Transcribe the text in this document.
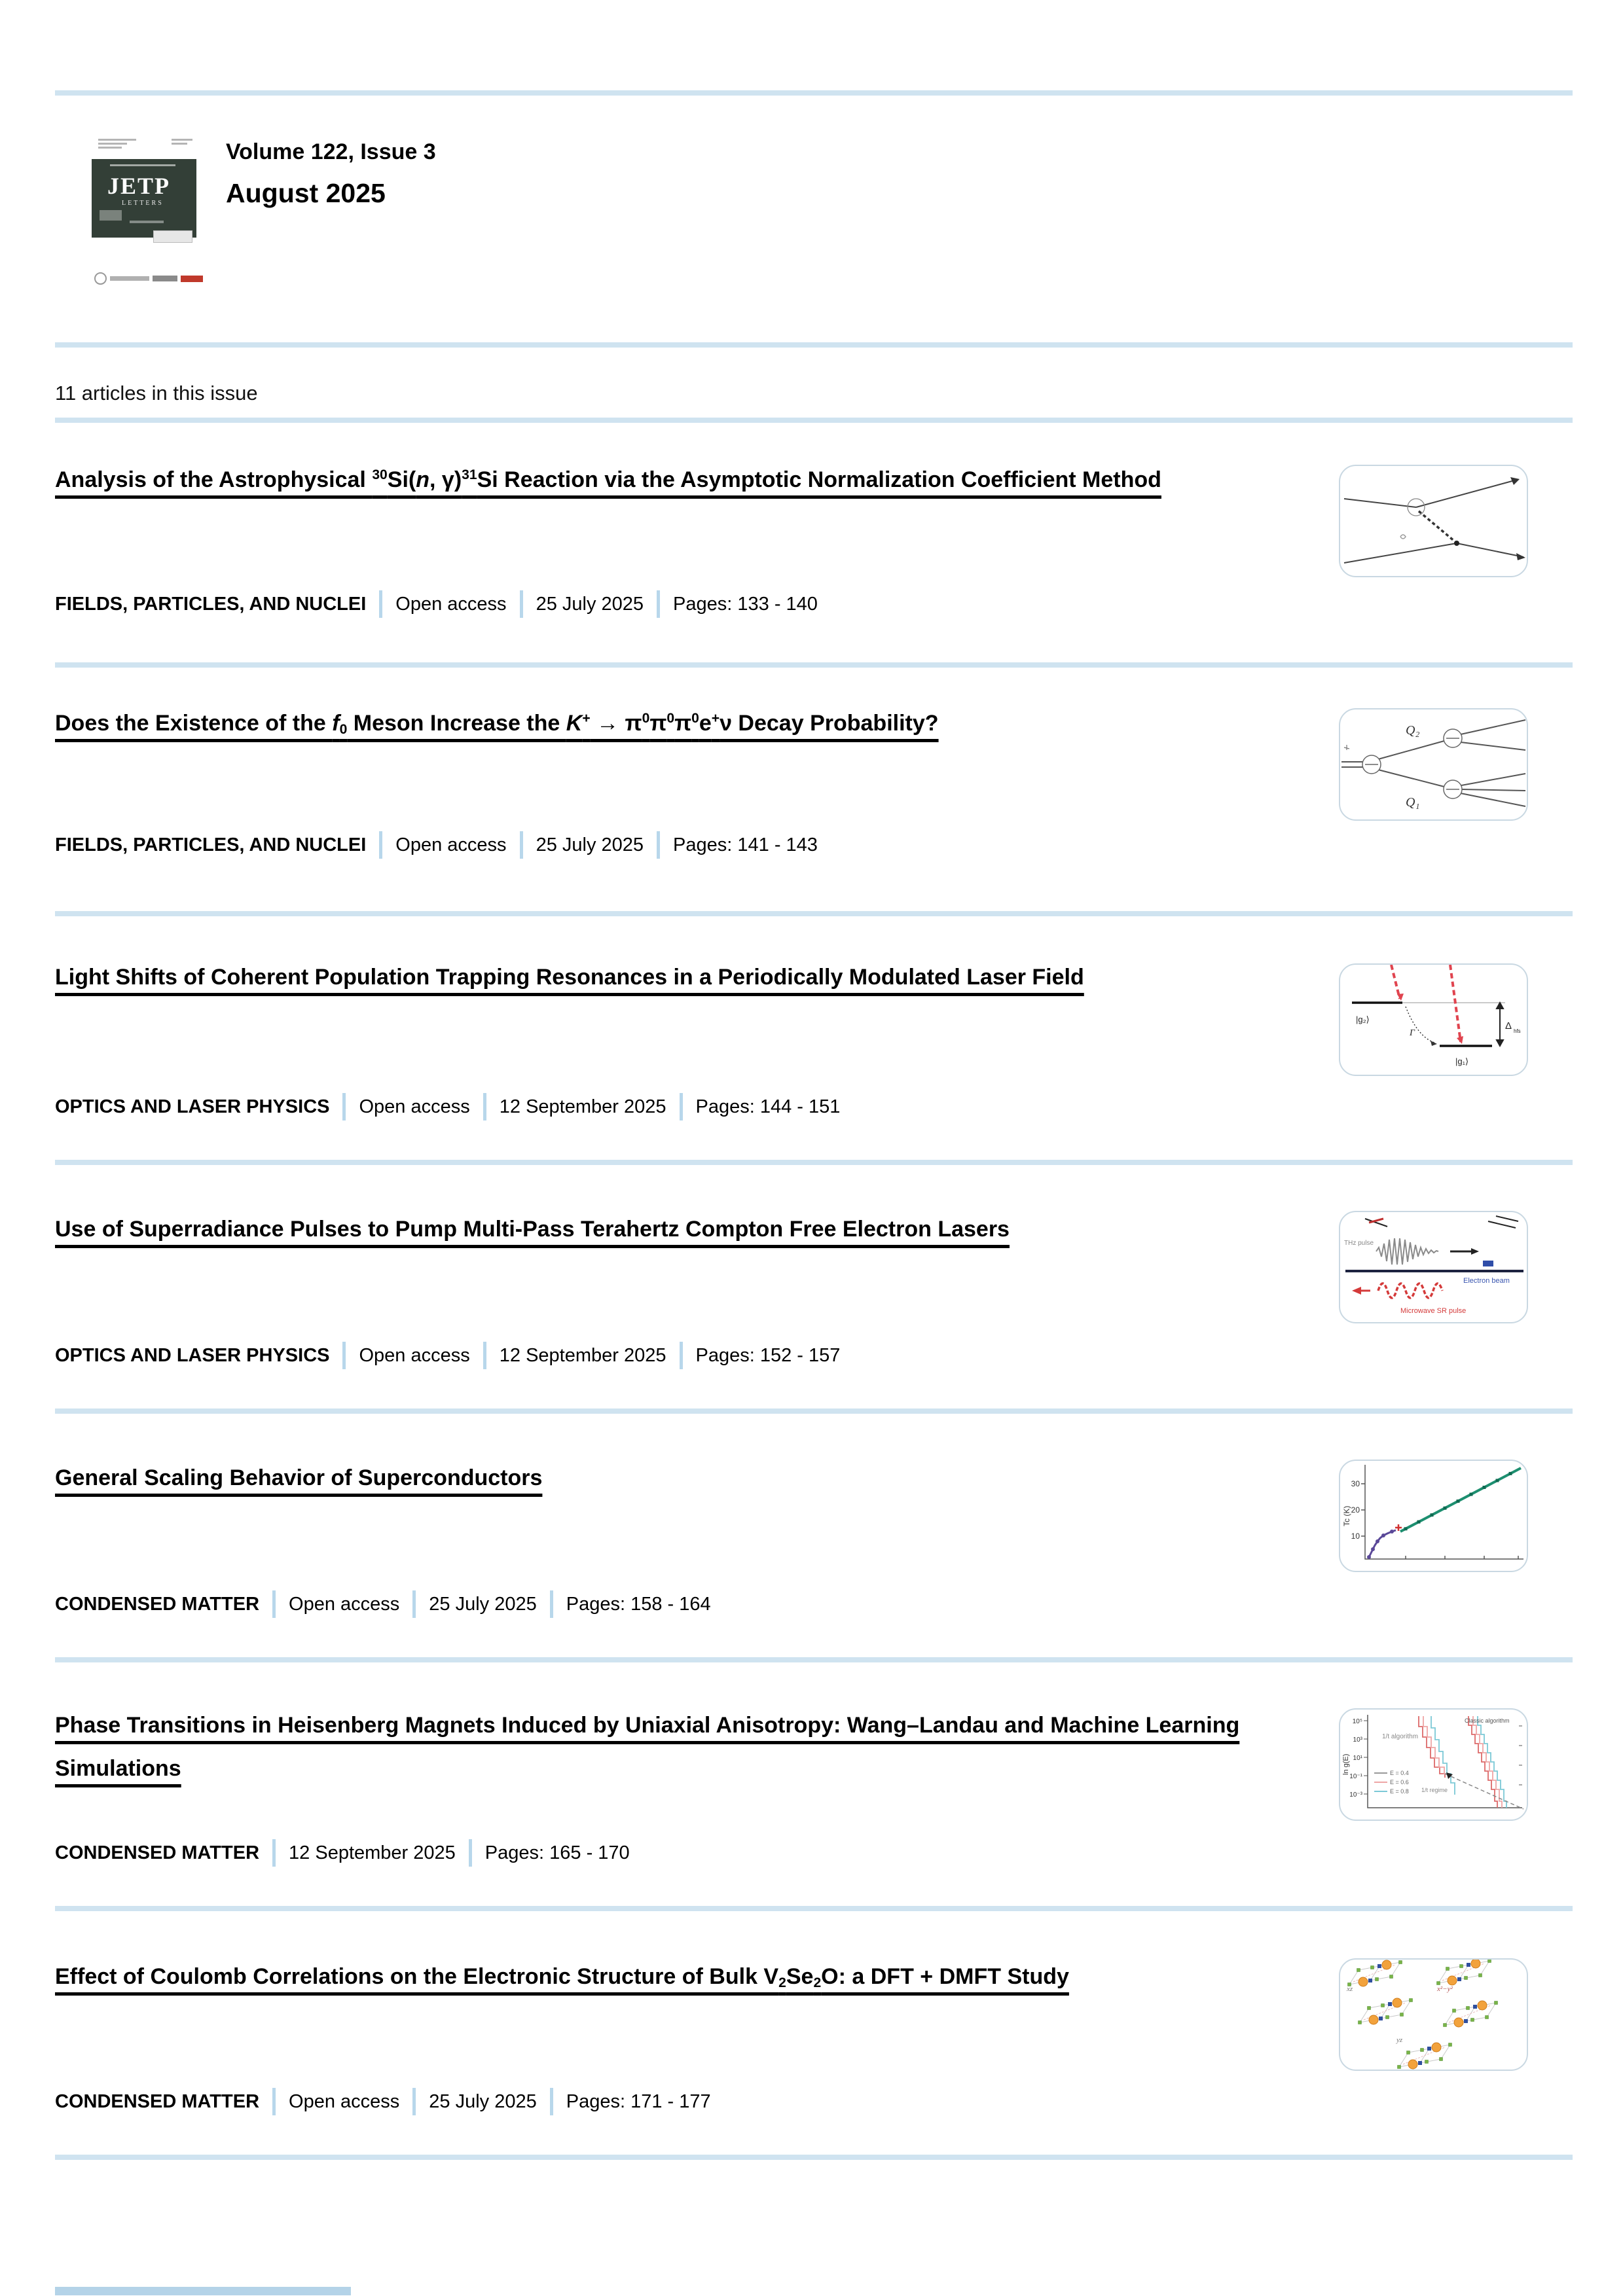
JETP
LETTERS
Volume 122, Issue 3
August 2025
11 articles in this issue
Analysis of the Astrophysical $^{30}$Si(n, γ)$^{31}$Si Reaction via the Asymptotic Normalization Coefficient Method
FIELDS, PARTICLES, AND NUCLEI Open access 25 July 2025 Pages: 133 - 140
Does the Existence of the f0 Meson Increase the $K^+ \to \pi^0\pi^0\pi^0e^+\nu$ Decay Probability?
FIELDS, PARTICLES, AND NUCLEI Open access 25 July 2025 Pages: 141 - 143
Q₂
Q₁
Light Shifts of Coherent Population Trapping Resonances in a Periodically Modulated Laser Field
OPTICS AND LASER PHYSICS Open access 12 September 2025 Pages: 144 - 151
|g₂⟩
|g₁⟩
Γ
Δ hfs
Use of Superradiance Pulses to Pump Multi-Pass Terahertz Compton Free Electron Lasers
OPTICS AND LASER PHYSICS Open access 12 September 2025 Pages: 152 - 157
THz pulse
Electron beam
Microwave SR pulse
General Scaling Behavior of Superconductors
CONDENSED MATTER Open access 25 July 2025 Pages: 158 - 164
30
20
10
Tc (K)
Phase Transitions in Heisenberg Magnets Induced by Uniaxial Anisotropy: Wang–Landau and Machine Learning Simulations
CONDENSED MATTER 12 September 2025 Pages: 165 - 170
10⁵
10³
10¹
10⁻¹
10⁻³
ln g(E)
1/t algorithm
Classic algorithm
1/t regime
E = 0.4
E = 0.6
E = 0.8
Effect of Coulomb Correlations on the Electronic Structure of Bulk V2Se2O: a DFT + DMFT Study
CONDENSED MATTER Open access 25 July 2025 Pages: 171 - 177
xz	x²−y²
yz
